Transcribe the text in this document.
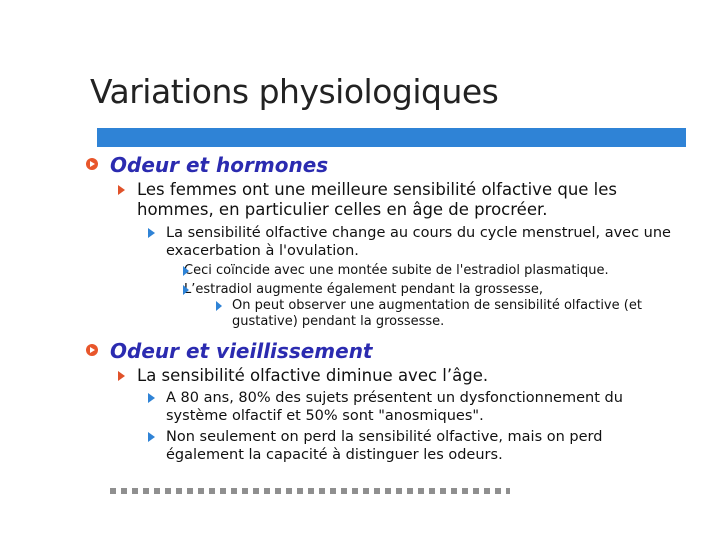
Variations physiologiques
Odeur et hormones
Les femmes ont une meilleure sensibilité olfactive que les hommes, en particulier celles en âge de procréer.
La sensibilité olfactive change au cours du cycle menstruel, avec une exacerbation à l'ovulation.
Ceci coïncide avec une montée subite de l'estradiol plasmatique.
L’estradiol augmente également pendant la grossesse,
On peut observer une augmentation de sensibilité olfactive (et gustative) pendant la grossesse.
Odeur et vieillissement
La sensibilité olfactive diminue avec l’âge.
A 80 ans, 80% des sujets présentent un dysfonctionnement du système olfactif et 50% sont "anosmiques".
Non seulement on perd la sensibilité olfactive, mais on perd également la capacité à distinguer les odeurs.
